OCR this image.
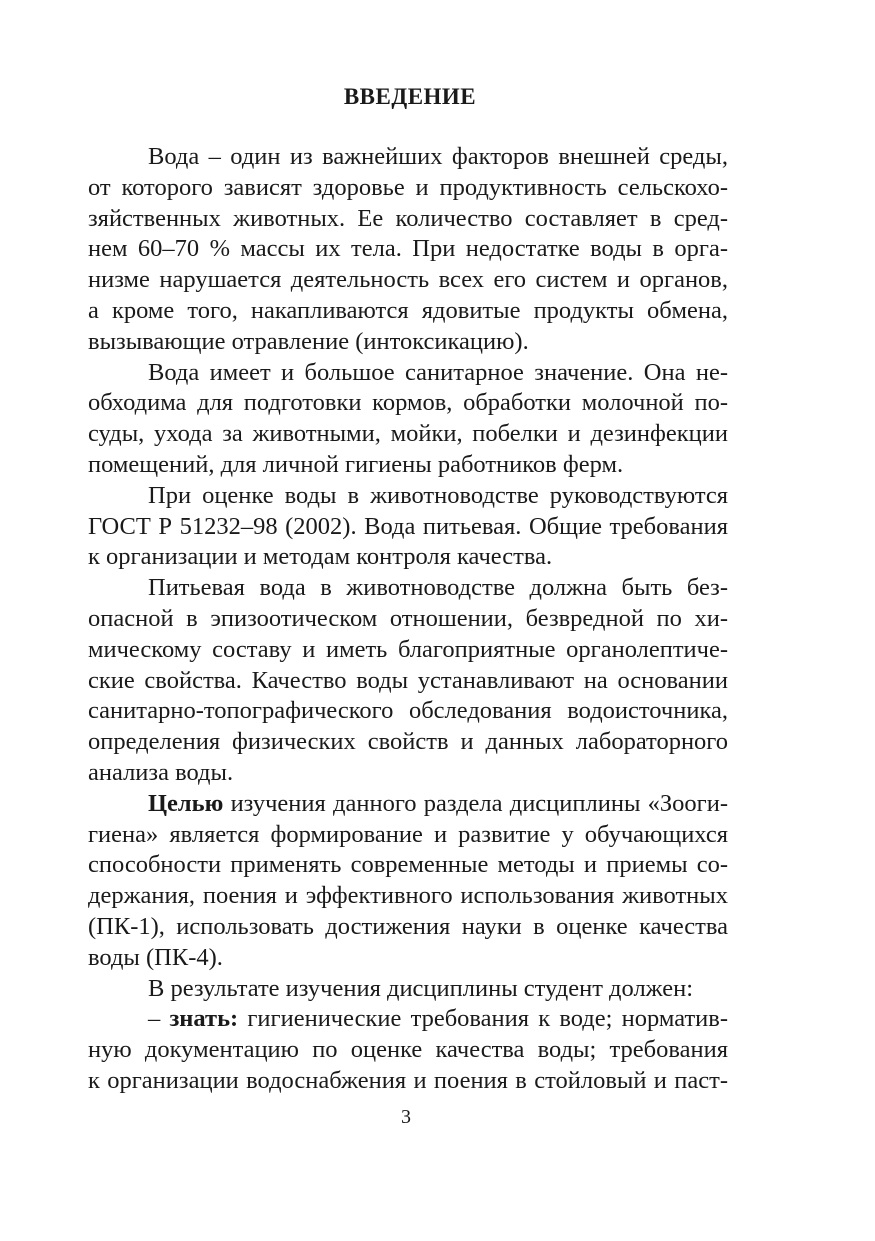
ВВЕДЕНИЕ

Вода – один из важнейших факторов внешней среды,
от которого зависят здоровье и продуктивность сельскохо-
зяйственных животных. Ее количество составляет в сред-
нем 60–70 % массы их тела. При недостатке воды в орга-
низме нарушается деятельность всех его систем и органов,
а кроме того, накапливаются ядовитые продукты обмена,
вызывающие отравление (интоксикацию).

Вода имеет и большое санитарное значение. Она не-
обходима для подготовки кормов, обработки молочной по-
суды, ухода за животными, мойки, побелки и дезинфекции
помещений, для личной гигиены работников ферм.

При оценке воды в животноводстве руководствуются
ГОСТ Р 51232–98 (2002). Вода питьевая. Общие требования
к организации и методам контроля качества.

Питьевая вода в животноводстве должна быть без-
опасной в эпизоотическом отношении, безвредной по хи-
мическому составу и иметь благоприятные органолептиче-
ские свойства. Качество воды устанавливают на основании
санитарно-топографического обследования водоисточника,
определения физических свойств и данных лабораторного
анализа воды.

Целью изучения данного раздела дисциплины «Зооги-
гиена» является формирование и развитие у обучающихся
способности применять современные методы и приемы со-
держания, поения и эффективного использования животных
(ПК-1), использовать достижения науки в оценке качества
воды (ПК-4).

В результате изучения дисциплины студент должен:

– знать: гигиенические требования к воде; норматив-
ную документацию по оценке качества воды; требования
к организации водоснабжения и поения в стойловый и паст-

3
